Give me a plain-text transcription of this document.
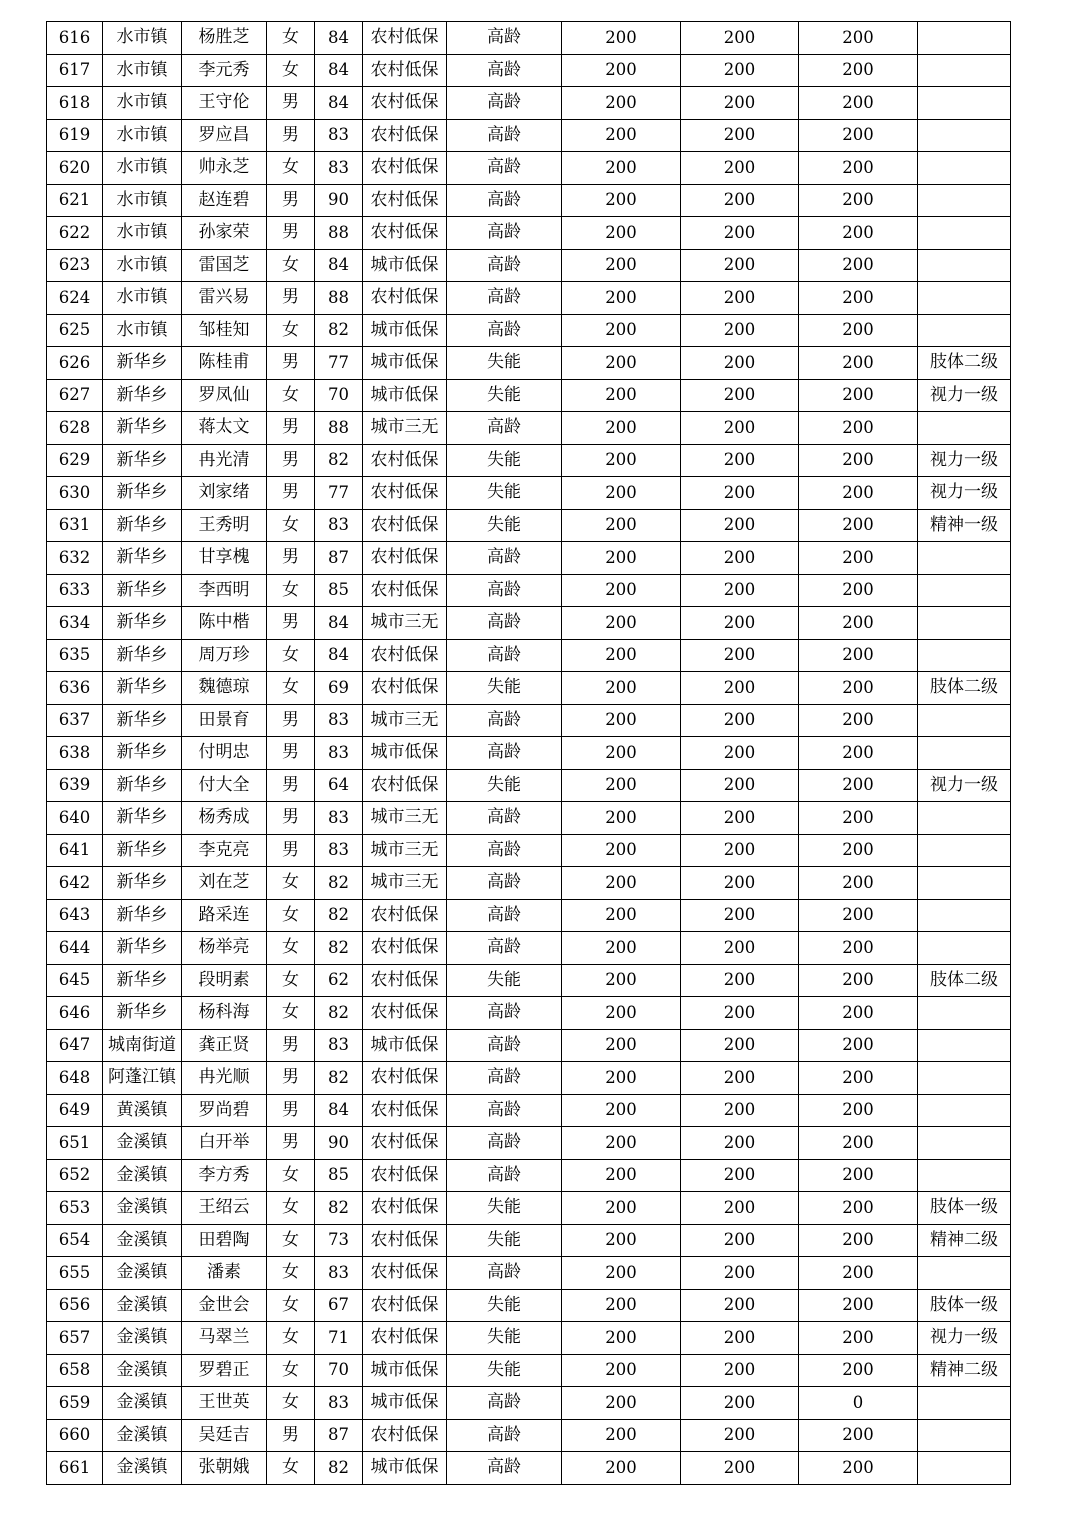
616	水市镇	杨胜芝	女	84	农村低保	高龄	200	200	200	
617	水市镇	李元秀	女	84	农村低保	高龄	200	200	200	
618	水市镇	王守伦	男	84	农村低保	高龄	200	200	200	
619	水市镇	罗应昌	男	83	农村低保	高龄	200	200	200	
620	水市镇	帅永芝	女	83	农村低保	高龄	200	200	200	
621	水市镇	赵连碧	男	90	农村低保	高龄	200	200	200	
622	水市镇	孙家荣	男	88	农村低保	高龄	200	200	200	
623	水市镇	雷国芝	女	84	城市低保	高龄	200	200	200	
624	水市镇	雷兴易	男	88	农村低保	高龄	200	200	200	
625	水市镇	邹桂知	女	82	城市低保	高龄	200	200	200	
626	新华乡	陈桂甫	男	77	城市低保	失能	200	200	200	肢体二级
627	新华乡	罗凤仙	女	70	城市低保	失能	200	200	200	视力一级
628	新华乡	蒋太文	男	88	城市三无	高龄	200	200	200	
629	新华乡	冉光清	男	82	农村低保	失能	200	200	200	视力一级
630	新华乡	刘家绪	男	77	农村低保	失能	200	200	200	视力一级
631	新华乡	王秀明	女	83	农村低保	失能	200	200	200	精神一级
632	新华乡	甘享槐	男	87	农村低保	高龄	200	200	200	
633	新华乡	李西明	女	85	农村低保	高龄	200	200	200	
634	新华乡	陈中楷	男	84	城市三无	高龄	200	200	200	
635	新华乡	周万珍	女	84	农村低保	高龄	200	200	200	
636	新华乡	魏德琼	女	69	农村低保	失能	200	200	200	肢体二级
637	新华乡	田景育	男	83	城市三无	高龄	200	200	200	
638	新华乡	付明忠	男	83	城市低保	高龄	200	200	200	
639	新华乡	付大全	男	64	农村低保	失能	200	200	200	视力一级
640	新华乡	杨秀成	男	83	城市三无	高龄	200	200	200	
641	新华乡	李克亮	男	83	城市三无	高龄	200	200	200	
642	新华乡	刘在芝	女	82	城市三无	高龄	200	200	200	
643	新华乡	路采连	女	82	农村低保	高龄	200	200	200	
644	新华乡	杨举亮	女	82	农村低保	高龄	200	200	200	
645	新华乡	段明素	女	62	农村低保	失能	200	200	200	肢体二级
646	新华乡	杨科海	女	82	农村低保	高龄	200	200	200	
647	城南街道	龚正贤	男	83	城市低保	高龄	200	200	200	
648	阿蓬江镇	冉光顺	男	82	农村低保	高龄	200	200	200	
649	黄溪镇	罗尚碧	男	84	农村低保	高龄	200	200	200	
651	金溪镇	白开举	男	90	农村低保	高龄	200	200	200	
652	金溪镇	李方秀	女	85	农村低保	高龄	200	200	200	
653	金溪镇	王绍云	女	82	农村低保	失能	200	200	200	肢体一级
654	金溪镇	田碧陶	女	73	农村低保	失能	200	200	200	精神二级
655	金溪镇	潘素	女	83	农村低保	高龄	200	200	200	
656	金溪镇	金世会	女	67	农村低保	失能	200	200	200	肢体一级
657	金溪镇	马翠兰	女	71	农村低保	失能	200	200	200	视力一级
658	金溪镇	罗碧正	女	70	城市低保	失能	200	200	200	精神二级
659	金溪镇	王世英	女	83	城市低保	高龄	200	200	0	
660	金溪镇	吴廷吉	男	87	农村低保	高龄	200	200	200	
661	金溪镇	张朝娥	女	82	城市低保	高龄	200	200	200	
